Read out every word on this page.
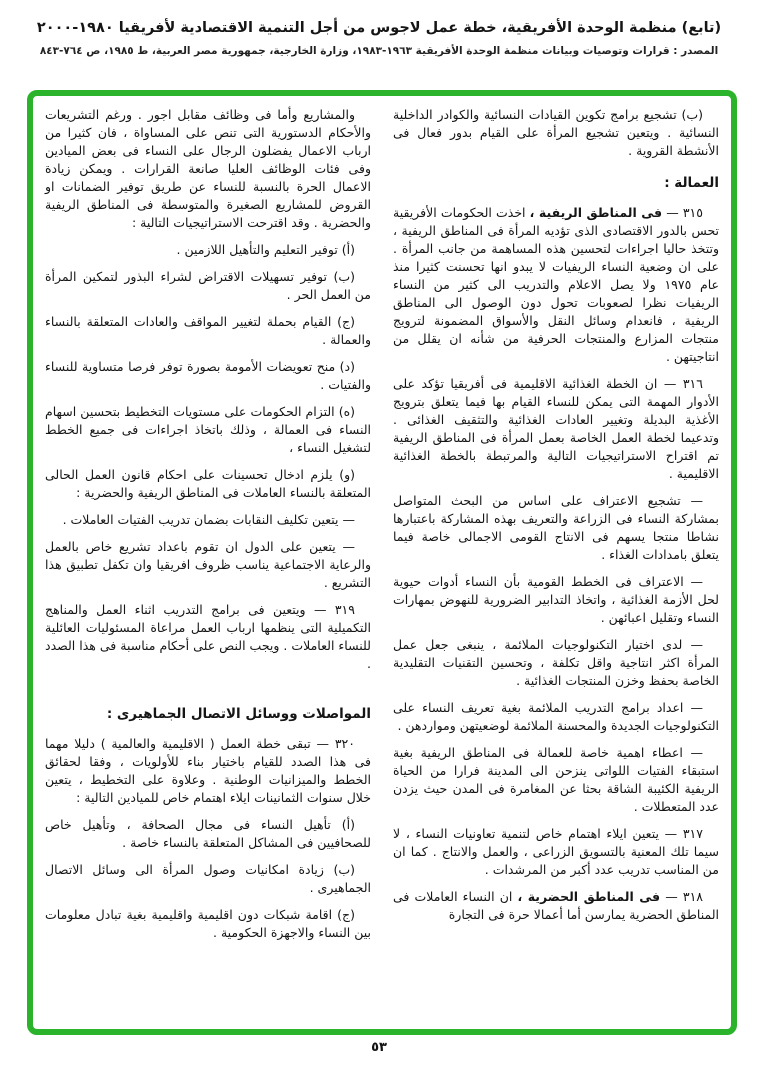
(تابع) منظمة الوحدة الأفريقية، خطة عمل لاجوس من أجل التنمية الاقتصادية لأفريقيا ١٩٨٠-٢٠٠٠
المصدر : قرارات وتوصيات وبيانات منظمة الوحدة الأفريقية ١٩٦٣-١٩٨٣، وزارة الخارجية، جمهورية مصر العربية، ط ١٩٨٥، ص ٧٦٤-٨٤٣

(ب) تشجيع برامج تكوين القيادات النسائية والكوادر الداخلية النسائية . ويتعين تشجيع المرأة على القيام بدور فعال فى الأنشطة القروية .

العمالة :

٣١٥ — فى المناطق الريفية ، اخذت الحكومات الأفريقية تحس بالدور الاقتصادى الذى تؤديه المرأة فى المناطق الريفية ، وتتخذ حاليا اجراءات لتحسين هذه المساهمة من جانب المرأة . على ان وضعية النساء الريفيات لا يبدو انها تحسنت كثيرا منذ عام ١٩٧٥ ولا يصل الاعلام والتدريب الى كثير من النساء الريفيات نظرا لصعوبات تحول دون الوصول الى المناطق الريفية ، فانعدام وسائل النقل والأسواق المضمونة لترويج منتجات المزارع والمنتجات الحرفية من شأنه ان يقلل من انتاجيتهن .

٣١٦ — ان الخطة الغذائية الاقليمية فى أفريقيا تؤكد على الأدوار المهمة التى يمكن للنساء القيام بها فيما يتعلق بترويج الأغذية البديلة وتغيير العادات الغذائية والتثقيف الغذائى . وتدعيما لخطة العمل الخاصة بعمل المرأة فى المناطق الريفية تم اقتراح الاستراتيجيات التالية والمرتبطة بالخطة الغذائية الاقليمية .

— تشجيع الاعتراف على اساس من البحث المتواصل بمشاركة النساء فى الزراعة والتعريف بهذه المشاركة باعتبارها نشاطا منتجا يسهم فى الانتاج القومى الاجمالى خاصة فيما يتعلق بامدادات الغذاء .

— الاعتراف فى الخطط القومية بأن النساء أدوات حيوية لحل الأزمة الغذائية ، واتخاذ التدابير الضرورية للنهوض بمهارات النساء وتقليل اعبائهن .

— لدى اختيار التكنولوجيات الملائمة ، ينبغى جعل عمل المرأة اكثر انتاجية واقل تكلفة ، وتحسين التقنيات التقليدية الخاصة بحفظ وخزن المنتجات الغذائية .

— اعداد برامج التدريب الملائمة بغية تعريف النساء على التكنولوجيات الجديدة والمحسنة الملائمة لوضعيتهن ومواردهن .

— اعطاء اهمية خاصة للعمالة فى المناطق الريفية بغية استبقاء الفتيات اللواتى ينزحن الى المدينة فرارا من الحياة الريفية الكئيبة الشاقة بحثا عن المغامرة فى المدن حيث يزدن عدد المتعطلات .

٣١٧ — يتعين ايلاء اهتمام خاص لتنمية تعاونيات النساء ، لا سيما تلك المعنية بالتسويق الزراعى ، والعمل والانتاج . كما ان من المناسب تدريب عدد أكبر من المرشدات .

٣١٨ — فى المناطق الحضرية ، ان النساء العاملات فى المناطق الحضرية يمارسن أما أعمالا حرة فى التجارة

والمشاريع وأما فى وظائف مقابل اجور . ورغم التشريعات والأحكام الدستورية التى تنص على المساواة ، فان كثيرا من ارباب الاعمال يفضلون الرجال على النساء فى بعض الميادين وفى فئات الوظائف العليا صانعة القرارات . ويمكن زيادة الاعمال الحرة بالنسبة للنساء عن طريق توفير الضمانات او القروض للمشاريع الصغيرة والمتوسطة فى المناطق الريفية والحضرية . وقد اقترحت الاستراتيجيات التالية :

(أ) توفير التعليم والتأهيل اللازمين .

(ب) توفير تسهيلات الاقتراض لشراء البذور لتمكين المرأة من العمل الحر .

(ج) القيام بحملة لتغيير المواقف والعادات المتعلقة بالنساء والعمالة .

(د) منح تعويضات الأمومة بصورة توفر فرصا متساوية للنساء والفتيات .

(ه) التزام الحكومات على مستويات التخطيط بتحسين اسهام النساء فى العمالة ، وذلك باتخاذ اجراءات فى جميع الخطط لتشغيل النساء ،

(و) يلزم ادخال تحسينات على احكام قانون العمل الحالى المتعلقة بالنساء العاملات فى المناطق الريفية والحضرية :

— يتعين تكليف النقابات بضمان تدريب الفتيات العاملات .

— يتعين على الدول ان تقوم باعداد تشريع خاص بالعمل والرعاية الاجتماعية يناسب ظروف افريقيا وان تكفل تطبيق هذا التشريع .

٣١٩ — ويتعين فى برامج التدريب اثناء العمل والمناهج التكميلية التى ينظمها ارباب العمل مراعاة المسئوليات العائلية للنساء العاملات . ويجب النص على أحكام مناسبة فى هذا الصدد .

المواصلات ووسائل الاتصال الجماهيرى :

٣٢٠ — تبقى خطة العمل ( الاقليمية والعالمية ) دليلا مهما فى هذا الصدد للقيام باختيار بناء للأولويات ، وفقا لحقائق الخطط والميزانيات الوطنية . وعلاوة على التخطيط ، يتعين خلال سنوات الثمانينات ايلاء اهتمام خاص للميادين التالية :

(أ) تأهيل النساء فى مجال الصحافة ، وتأهيل خاص للصحافيين فى المشاكل المتعلقة بالنساء خاصة .

(ب) زيادة امكانيات وصول المرأة الى وسائل الاتصال الجماهيرى .

(ج) اقامة شبكات دون اقليمية واقليمية بغية تبادل معلومات بين النساء والاجهزة الحكومية .

٥٣
